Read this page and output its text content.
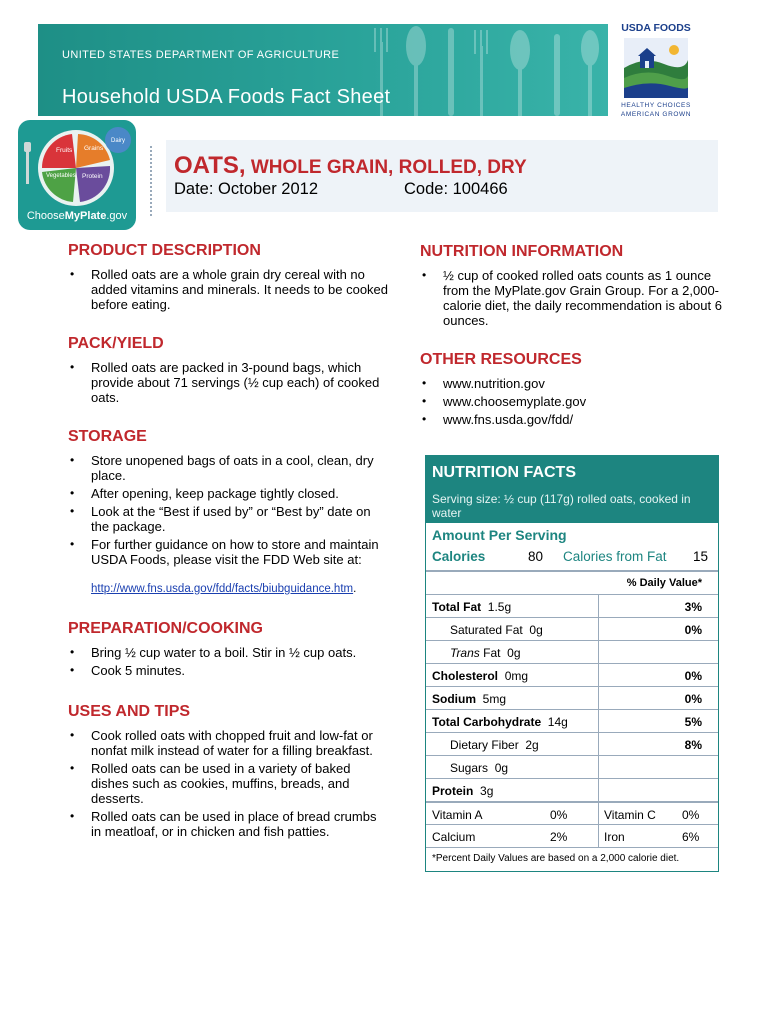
UNITED STATES DEPARTMENT OF AGRICULTURE
Household USDA Foods Fact Sheet
USDA FOODS
HEALTHY CHOICES
AMERICAN GROWN
Fruits Grains
Vegetables Protein
Dairy
ChooseMyPlate.gov
OATS, WHOLE GRAIN, ROLLED, DRY
Date: October 2012	Code: 100466
PRODUCT DESCRIPTION
• Rolled oats are a whole grain dry cereal with no added vitamins and minerals. It needs to be cooked before eating.
PACK/YIELD
• Rolled oats are packed in 3-pound bags, which provide about 71 servings (½ cup each) of cooked oats.
STORAGE
• Store unopened bags of oats in a cool, clean, dry place.
• After opening, keep package tightly closed.
• Look at the “Best if used by” or “Best by” date on the package.
• For further guidance on how to store and maintain USDA Foods, please visit the FDD Web site at:
http://www.fns.usda.gov/fdd/facts/biubguidance.htm.
PREPARATION/COOKING
• Bring ½ cup water to a boil. Stir in ½ cup oats.
• Cook 5 minutes.
USES AND TIPS
• Cook rolled oats with chopped fruit and low-fat or nonfat milk instead of water for a filling breakfast.
• Rolled oats can be used in a variety of baked dishes such as cookies, muffins, breads, and desserts.
• Rolled oats can be used in place of bread crumbs in meatloaf, or in chicken and fish patties.
NUTRITION INFORMATION
• ½ cup of cooked rolled oats counts as 1 ounce from the MyPlate.gov Grain Group. For a 2,000-calorie diet, the daily recommendation is about 6 ounces.
OTHER RESOURCES
• www.nutrition.gov
• www.choosemyplate.gov
• www.fns.usda.gov/fdd/
NUTRITION FACTS
Serving size: ½ cup (117g) rolled oats, cooked in water
Amount Per Serving
Calories	80 Calories from Fat 15
% Daily Value*
Total Fat 1.5g	3%
Saturated Fat 0g	0%
Trans Fat 0g
Cholesterol 0mg	0%
Sodium 5mg	0%
Total Carbohydrate 14g	5%
Dietary Fiber 2g	8%
Sugars 0g
Protein 3g
Vitamin A	0%	Vitamin C 0%
Calcium	2%	Iron	6%
*Percent Daily Values are based on a 2,000 calorie diet.
